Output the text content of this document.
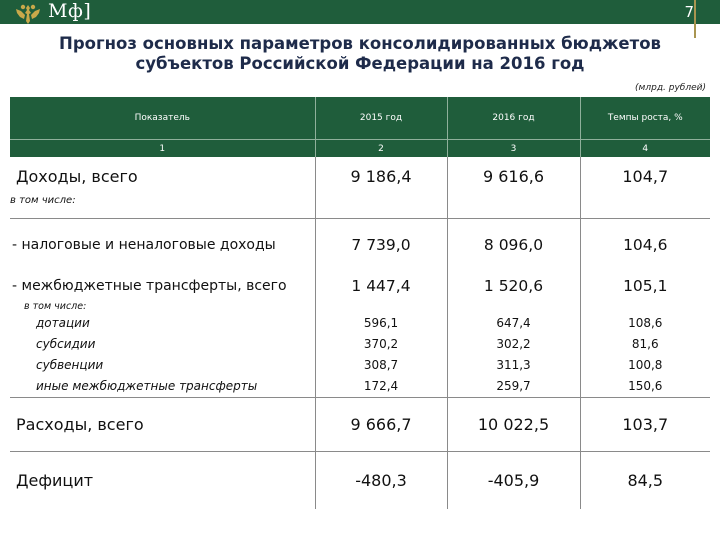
Мф]	7
Прогноз основных параметров консолидированных бюджетов
субъектов Российской Федерации на 2016 год
(млрд. рублей)
Показатель	2015 год	2016 год	Темпы роста, %
1	2	3	4
Доходы, всего	9 186,4	9 616,6	104,7
в том числе:			
- налоговые и неналоговые доходы	7 739,0	8 096,0	104,6
- межбюджетные трансферты, всего	1 447,4	1 520,6	105,1
в том числе:			
дотации	596,1	647,4	108,6
субсидии	370,2	302,2	81,6
субвенции	308,7	311,3	100,8
иные межбюджетные трансферты	172,4	259,7	150,6
Расходы, всего	9 666,7	10 022,5	103,7
Дефицит	-480,3	-405,9	84,5
